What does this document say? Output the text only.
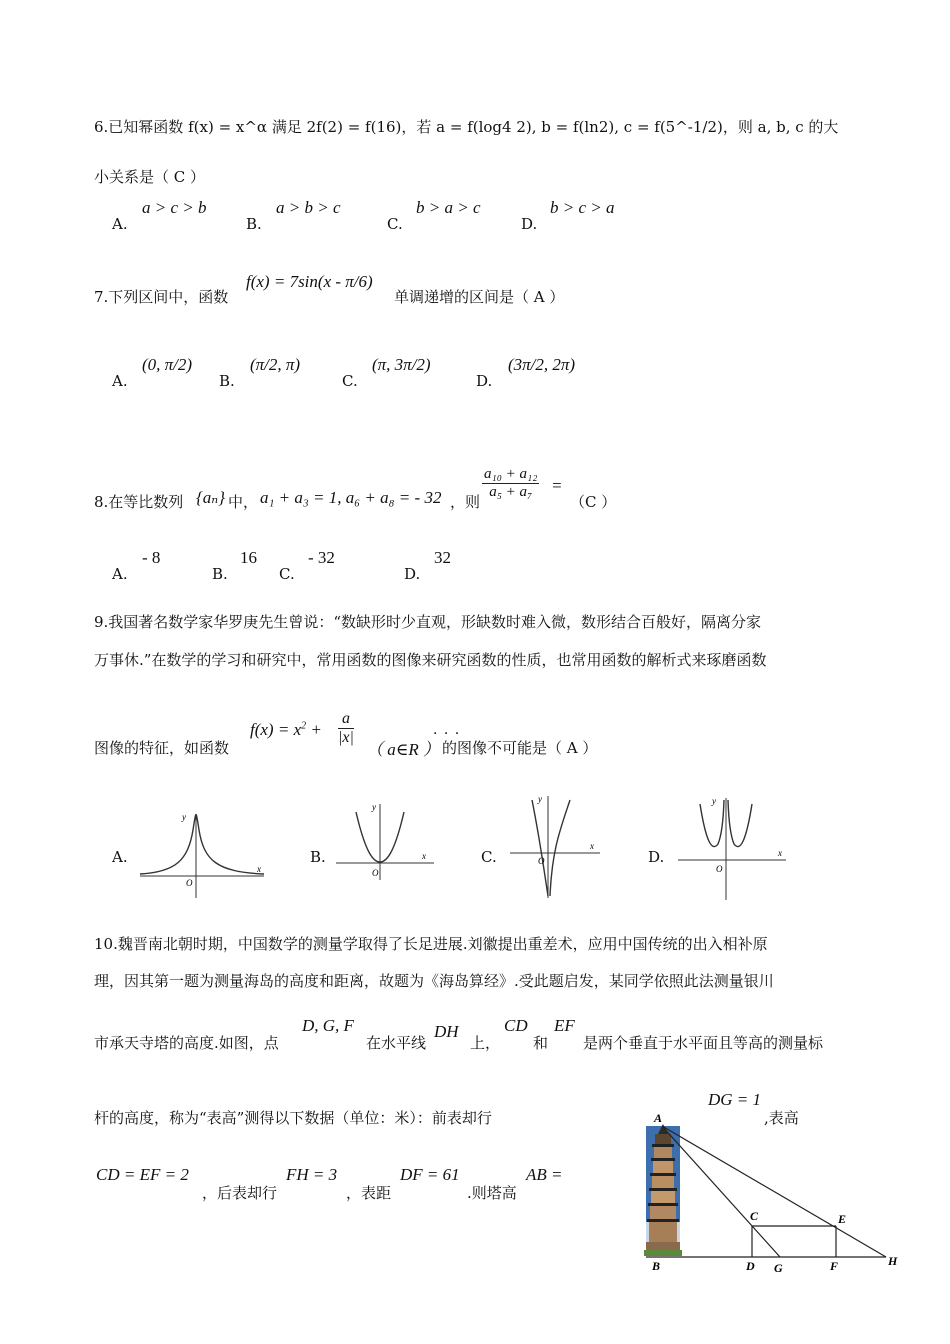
6.已知幂函数 f(x) = x^α 满足 2f(2) = f(16)，若 a = f(log4 2), b = f(ln2), c = f(5^-1/2)，则 a, b, c 的大
小关系是（ C ）
A.
a > c > b
B.
a > b > c
C.
b > a > c
D.
b > c > a
7.下列区间中，函数
f(x) = 7sin(x - π/6)
单调递增的区间是（ A ）
A.
(0, π/2)
B.
(π/2, π)
C.
(π, 3π/2)
D.
(3π/2, 2π)
8.在等比数列 {aₙ} 中， a₁ + a₃ = 1, a₆ + a₈ = - 32 ，则
$\frac{\text{a₁₀ + a₁₂}}{\text{a₅ + a₇}}$ =
（C ）
A.
- 8
B.
16
C.
- 32
D.
32
9.我国著名数学家华罗庚先生曾说：“数缺形时少直观，形缺数时难入微，数形结合百般好，隔离分家
万事休.”在数学的学习和研究中，常用函数的图像来研究函数的性质，也常用函数的解析式来琢磨函数
图像的特征，如函数
$f(x) = x^2 + \frac{a}{|x|}$
（ a∈R ）
· · ·
的图像不可能是（ A ）
A.	B.	C.	D.
y
x
O
y
x
O
y
x
O
y
x
O
10.魏晋南北朝时期，中国数学的测量学取得了长足进展.刘徽提出重差术，应用中国传统的出入相补原
理，因其第一题为测量海岛的高度和距离，故题为《海岛算经》.受此题启发，某同学依照此法测量银川
市承天寺塔的高度.如图，点
D, G, F
在水平线
DH
上，
CD
和
EF
是两个垂直于水平面且等高的测量标
杆的高度，称为“表高”测得以下数据（单位：米）：前表却行
DG = 1
,表高
CD = EF = 2
，后表却行
FH = 3
，表距
DF = 61
.则塔高
AB =
A
B
C
D G
E
F	H
